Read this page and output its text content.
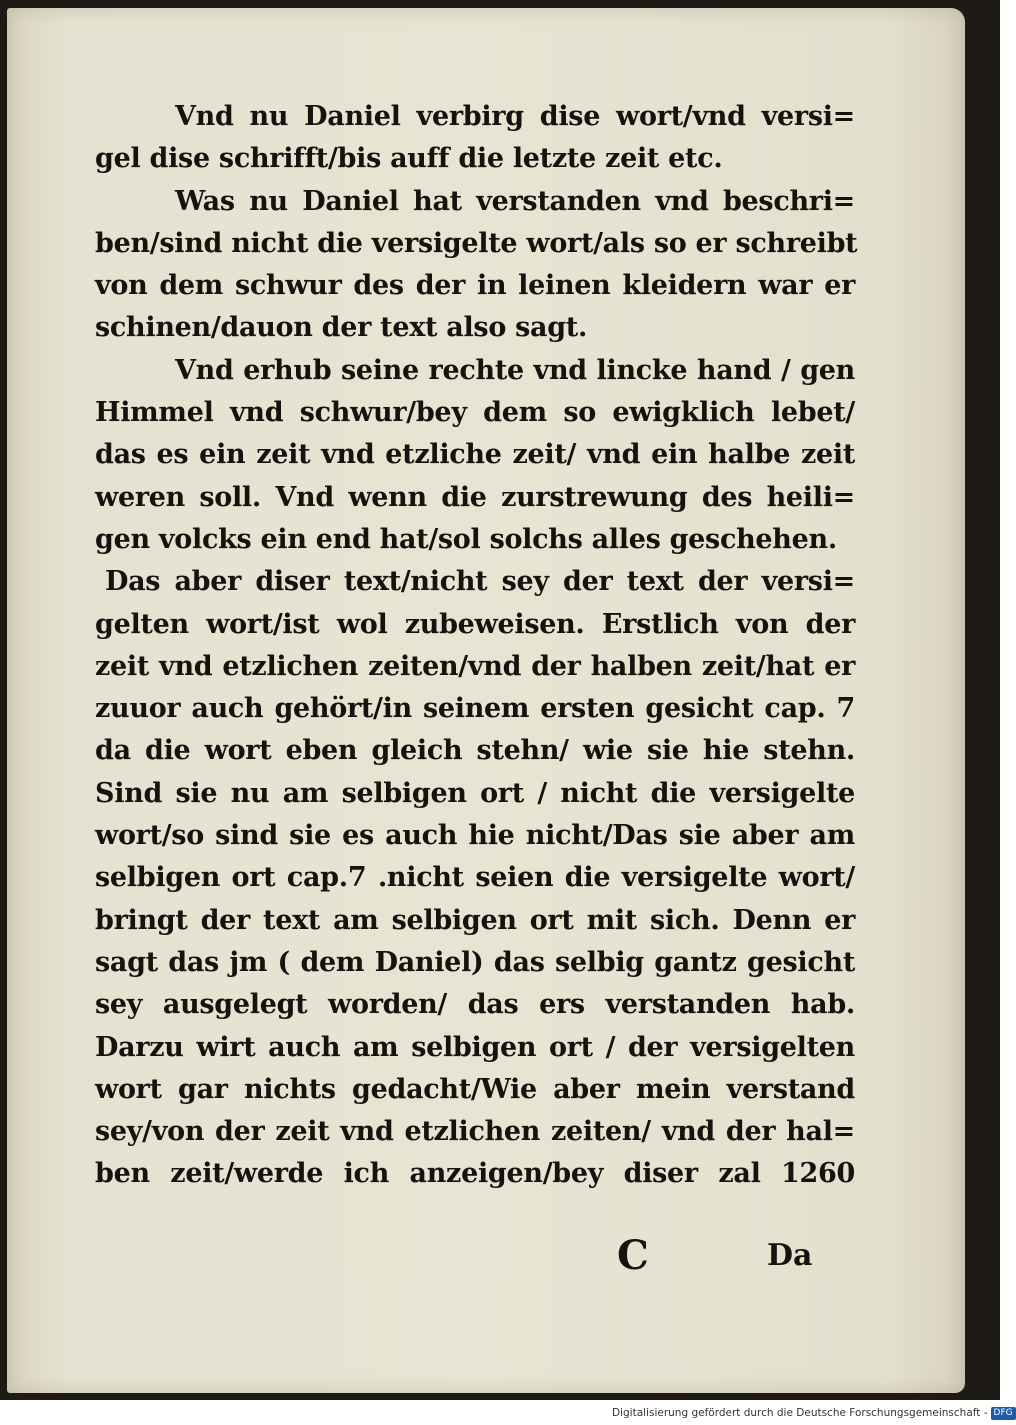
Vnd nu Daniel verbirg dise wort/vnd versi=
gel dise schrifft/bis auff die letzte zeit etc.
Was nu Daniel hat verstanden vnd beschri=
ben/sind nicht die versigelte wort/als so er schreibt
von dem schwur des der in leinen kleidern war er
schinen/dauon der text also sagt.
Vnd erhub seine rechte vnd lincke hand / gen
Himmel vnd schwur/bey dem so ewigklich lebet/
das es ein zeit vnd etzliche zeit/ vnd ein halbe zeit
weren soll. Vnd wenn die zurstrewung des heili=
gen volcks ein end hat/sol solchs alles geschehen.
Das aber diser text/nicht sey der text der versi=
gelten wort/ist wol zubeweisen. Erstlich von der
zeit vnd etzlichen zeiten/vnd der halben zeit/hat er
zuuor auch gehört/in seinem ersten gesicht cap. 7
da die wort eben gleich stehn/ wie sie hie stehn.
Sind sie nu am selbigen ort / nicht die versigelte
wort/so sind sie es auch hie nicht/Das sie aber am
selbigen ort cap.7 .nicht seien die versigelte wort/
bringt der text am selbigen ort mit sich. Denn er
sagt das jm ( dem Daniel) das selbig gantz gesicht
sey ausgelegt worden/ das ers verstanden hab.
Darzu wirt auch am selbigen ort / der versigelten
wort gar nichts gedacht/Wie aber mein verstand
sey/von der zeit vnd etzlichen zeiten/ vnd der hal=
ben zeit/werde ich anzeigen/bey diser zal 1260
C	Da
Digitalisierung gefördert durch die Deutsche Forschungsgemeinschaft - DFG
